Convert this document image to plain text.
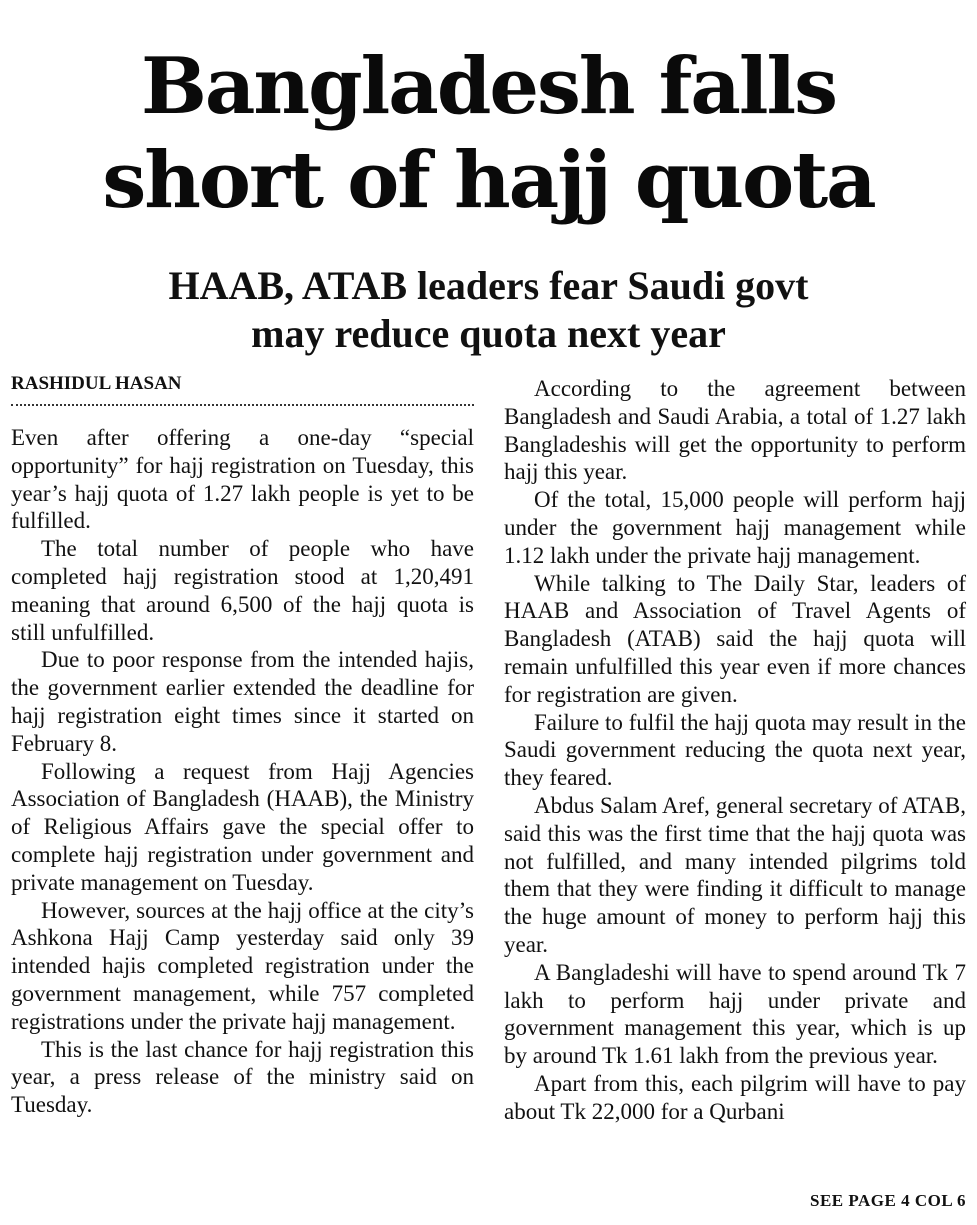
Bangladesh falls
short of hajj quota
HAAB, ATAB leaders fear Saudi govt
may reduce quota next year
RASHIDUL HASAN

Even after offering a one-day “special opportunity” for hajj registration on Tuesday, this year’s hajj quota of 1.27 lakh people is yet to be fulfilled.

The total number of people who have completed hajj registration stood at 1,20,491 meaning that around 6,500 of the hajj quota is still unfulfilled.

Due to poor response from the intended hajis, the government earlier extended the deadline for hajj registration eight times since it started on February 8.

Following a request from Hajj Agencies Association of Bangladesh (HAAB), the Ministry of Religious Affairs gave the special offer to complete hajj registration under government and private management on Tuesday.

However, sources at the hajj office at the city’s Ashkona Hajj Camp yesterday said only 39 intended hajis completed registration under the government management, while 757 completed registrations under the private hajj management.

This is the last chance for hajj registration this year, a press release of the ministry said on Tuesday.

According to the agreement between Bangladesh and Saudi Arabia, a total of 1.27 lakh Bangladeshis will get the opportunity to perform hajj this year.

Of the total, 15,000 people will perform hajj under the government hajj management while 1.12 lakh under the private hajj management.

While talking to The Daily Star, leaders of HAAB and Association of Travel Agents of Bangladesh (ATAB) said the hajj quota will remain unfulfilled this year even if more chances for registration are given.

Failure to fulfil the hajj quota may result in the Saudi government reducing the quota next year, they feared.

Abdus Salam Aref, general secretary of ATAB, said this was the first time that the hajj quota was not fulfilled, and many intended pilgrims told them that they were finding it difficult to manage the huge amount of money to perform hajj this year.

A Bangladeshi will have to spend around Tk 7 lakh to perform hajj under private and government management this year, which is up by around Tk 1.61 lakh from the previous year.

Apart from this, each pilgrim will have to pay about Tk 22,000 for a Qurbani

SEE PAGE 4 COL 6
